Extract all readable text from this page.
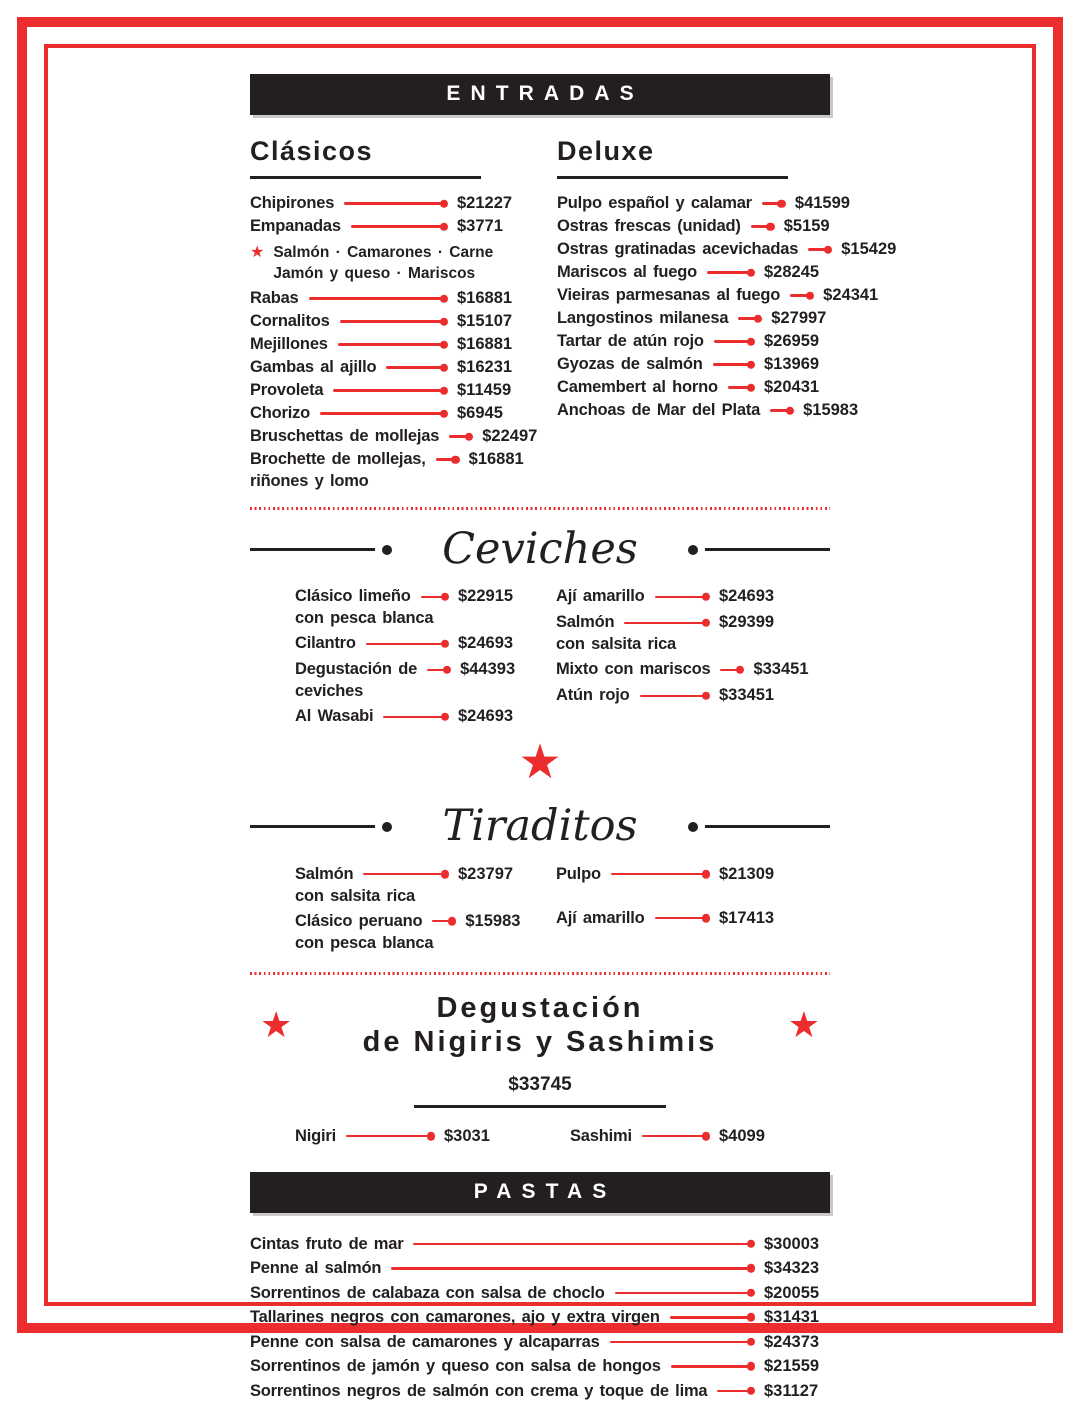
ENTRADAS
Clásicos
Chipirones	$21227
Empanadas	$3771
★ Salmón · Camarones · Carne
Jamón y queso · Mariscos
Rabas	$16881
Cornalitos	$15107
Mejillones	$16881
Gambas al ajillo	$16231
Provoleta	$11459
Chorizo	$6945
Bruschettas de mollejas	$22497
Brochette de mollejas,	$16881
riñones y lomo
Deluxe
Pulpo español y calamar	$41599
Ostras frescas (unidad)	$5159
Ostras gratinadas acevichadas	$15429
Mariscos al fuego	$28245
Vieiras parmesanas al fuego	$24341
Langostinos milanesa	$27997
Tartar de atún rojo	$26959
Gyozas de salmón	$13969
Camembert al horno	$20431
Anchoas de Mar del Plata	$15983
Ceviches
Clásico limeño	$22915
con pesca blanca
Cilantro	$24693
Degustación de	$44393
ceviches
Al Wasabi	$24693
Ají amarillo	$24693
Salmón	$29399
con salsita rica
Mixto con mariscos	$33451
Atún rojo	$33451
★
Tiraditos
Salmón	$23797
con salsita rica
Clásico peruano	$15983
con pesca blanca
Pulpo	$21309
Ají amarillo	$17413
★	Degustación
de Nigiris y Sashimis	★
$33745
Nigiri	$3031	Sashimi	$4099
PASTAS
Cintas fruto de mar	$30003
Penne al salmón	$34323
Sorrentinos de calabaza con salsa de choclo	$20055
Tallarines negros con camarones, ajo y extra virgen	$31431
Penne con salsa de camarones y alcaparras	$24373
Sorrentinos de jamón y queso con salsa de hongos	$21559
Sorrentinos negros de salmón con crema y toque de lima	$31127
